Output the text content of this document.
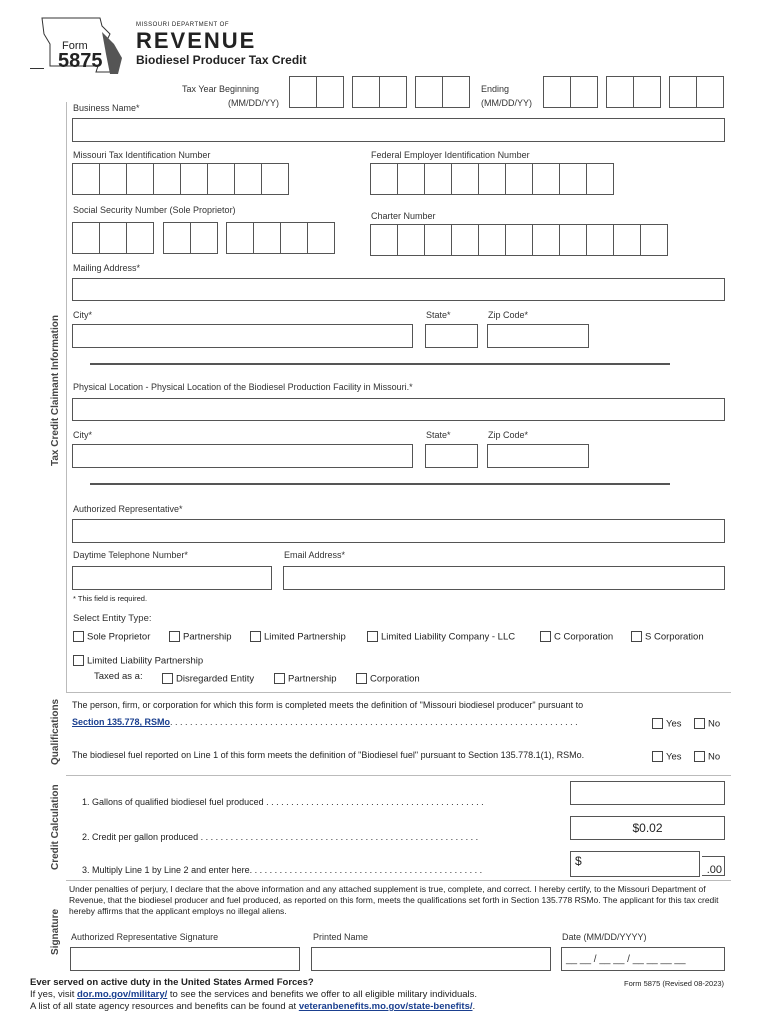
Form
5875
MISSOURI DEPARTMENT OF
REVENUE
Biodiesel Producer Tax Credit
Tax Year Beginning
(MM/DD/YY)
Ending
(MM/DD/YY)
Tax Credit Claimant Information
Qualifications
Credit Calculation
Signature
Business Name*
Missouri Tax Identification Number	Federal Employer Identification Number
Social Security Number (Sole Proprietor)
Charter Number
Mailing Address*
City*	State*	Zip Code*
Physical Location - Physical Location of the Biodiesel Production Facility in Missouri.*
City*	State*	Zip Code*
Authorized Representative*
Daytime Telephone Number*	Email Address*
* This field is required.
Select Entity Type:
Sole Proprietor	Partnership	Limited Partnership	Limited Liability Company - LLC	C Corporation	S Corporation
Limited Liability Partnership
Taxed as a:	Disregarded Entity	Partnership	Corporation
The person, firm, or corporation for which this form is completed meets the definition of "Missouri biodiesel producer" pursuant to
Section 135.778, RSMo. . . . . . . . . . . . . . . . . . . . . . . . . . . . . . . . . . . . . . . . . . . . . . . . . . . . . . . . . . . . . . . . . . . . . . . . . . . . . . . . . .	Yes	No
The biodiesel fuel reported on Line 1 of this form meets the definition of "Biodiesel fuel" pursuant to Section 135.778.1(1), RSMo.	Yes	No
1. Gallons of qualified biodiesel fuel produced . . . . . . . . . . . . . . . . . . . . . . . . . . . . . . . . . . . . . . . . . . . .
2. Credit per gallon produced . . . . . . . . . . . . . . . . . . . . . . . . . . . . . . . . . . . . . . . . . . . . . . . . . . . . . . . .
$0.02
3. Multiply Line 1 by Line 2 and enter here. . . . . . . . . . . . . . . . . . . . . . . . . . . . . . . . . . . . . . . . . . . . . . .
$
.00
Under penalties of perjury, I declare that the above information and any attached supplement is true, complete, and correct. I hereby certify, to the Missouri Department of Revenue, that the biodiesel producer and fuel produced, as reported on this form, meets the qualifications set forth in Section 135.778 RSMo. The applicant for this tax credit hereby affirms that the applicant employs no illegal aliens.
Authorized Representative Signature	Printed Name	Date (MM/DD/YYYY)
__ __ / __ __ / __ __ __ __
Ever served on active duty in the United States Armed Forces?	Form 5875 (Revised 08-2023)
If yes, visit dor.mo.gov/military/ to see the services and benefits we offer to all eligible military individuals.
A list of all state agency resources and benefits can be found at veteranbenefits.mo.gov/state-benefits/.
